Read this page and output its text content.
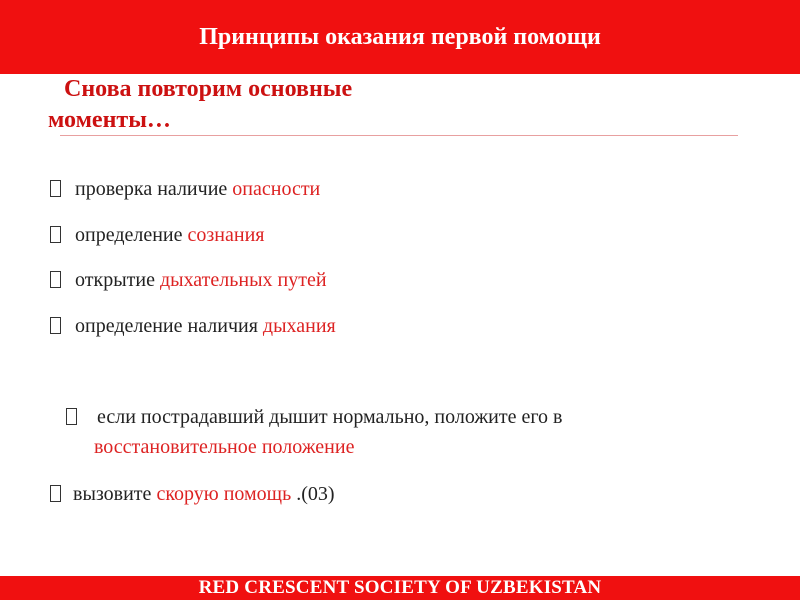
Принципы оказания первой помощи
Снова повторим основные моменты…
проверка наличие опасности
определение сознания
открытие дыхательных путей
определение наличия дыхания
если пострадавший дышит нормально, положите его в
восстановительное положение
вызовите скорую помощь .(03)
RED CRESCENT SOCIETY OF UZBEKISTAN
